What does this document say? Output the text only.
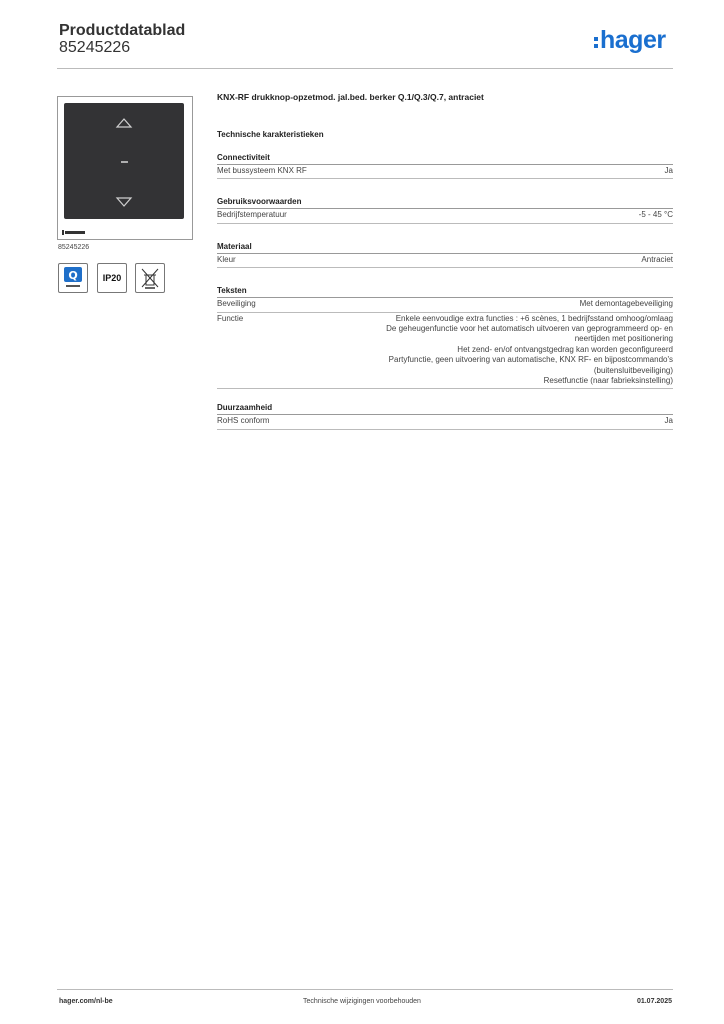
Productdatablad
85245226	hager
85245226
Q	IP20
KNX-RF drukknop-opzetmod. jal.bed. berker Q.1/Q.3/Q.7, antraciet
Technische karakteristieken
Connectiviteit
Met bussysteem KNX RF	Ja
Gebruiksvoorwaarden
Bedrijfstemperatuur	-5 - 45 °C
Materiaal
Kleur	Antraciet
Teksten
Beveiliging	Met demontagebeveiliging
Functie	Enkele eenvoudige extra functies : +6 scènes, 1 bedrijfsstand omhoog/omlaag
De geheugenfunctie voor het automatisch uitvoeren van geprogrammeerd op- en
neertijden met positionering
Het zend- en/of ontvangstgedrag kan worden geconfigureerd
Partyfunctie, geen uitvoering van automatische, KNX RF- en bijpostcommando's
(buitensluitbeveiliging)
Resetfunctie (naar fabrieksinstelling)
Duurzaamheid
RoHS conform	Ja
hager.com/nl-be	Technische wijzigingen voorbehouden	01.07.2025
